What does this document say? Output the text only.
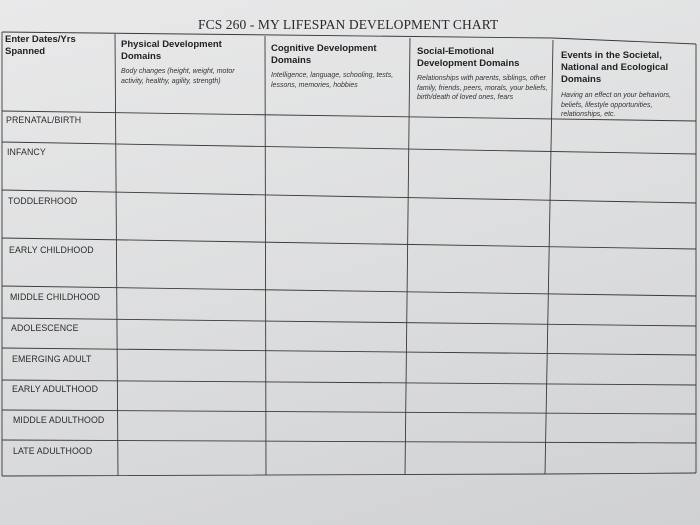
FCS 260 - MY LIFESPAN DEVELOPMENT CHART
Enter Dates/Yrs Spanned
Physical Development Domains
Body changes (height, weight, motor activity, healthy, agility, strength)
Cognitive Development Domains
Intelligence, language, schooling, tests, lessons, memories, hobbies
Social-Emotional Development Domains
Relationships with parents, siblings, other family, friends, peers, morals, your beliefs, birth/death of loved ones, fears
Events in the Societal, National and Ecological Domains
Having an effect on your behaviors, beliefs, lifestyle opportunities, relationships, etc.
PRENATAL/BIRTH
INFANCY
TODDLERHOOD
EARLY CHILDHOOD
MIDDLE CHILDHOOD
ADOLESCENCE
EMERGING ADULT
EARLY ADULTHOOD
MIDDLE ADULTHOOD
LATE ADULTHOOD
